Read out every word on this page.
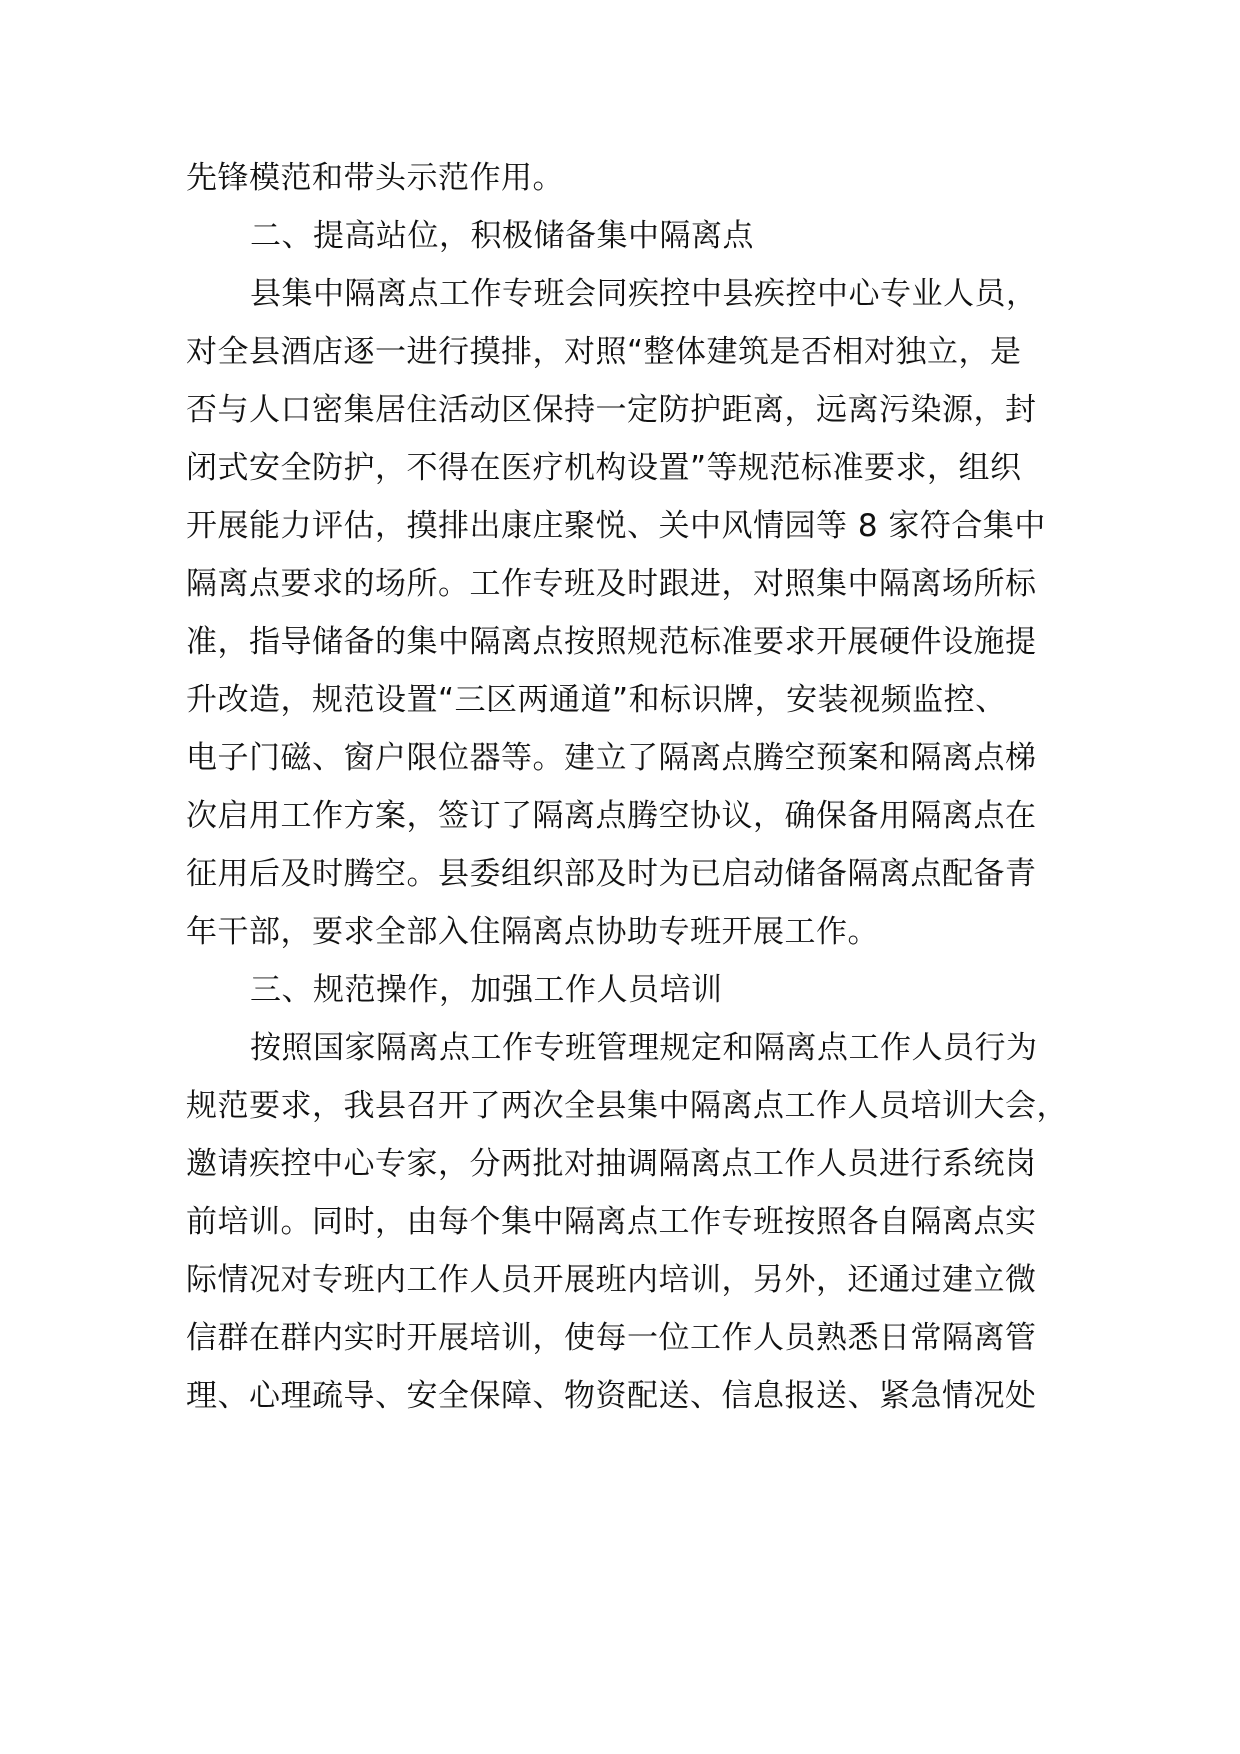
先锋模范和带头示范作用。
二、提高站位，积极储备集中隔离点
县集中隔离点工作专班会同疾控中县疾控中心专业人员，
对全县酒店逐一进行摸排，对照“整体建筑是否相对独立，是
否与人口密集居住活动区保持一定防护距离，远离污染源，封
闭式安全防护，不得在医疗机构设置”等规范标准要求，组织
开展能力评估，摸排出康庄聚悦、关中风情园等 8 家符合集中
隔离点要求的场所。工作专班及时跟进，对照集中隔离场所标
准，指导储备的集中隔离点按照规范标准要求开展硬件设施提
升改造，规范设置“三区两通道”和标识牌，安装视频监控、
电子门磁、窗户限位器等。建立了隔离点腾空预案和隔离点梯
次启用工作方案，签订了隔离点腾空协议，确保备用隔离点在
征用后及时腾空。县委组织部及时为已启动储备隔离点配备青
年干部，要求全部入住隔离点协助专班开展工作。
三、规范操作，加强工作人员培训
按照国家隔离点工作专班管理规定和隔离点工作人员行为
规范要求，我县召开了两次全县集中隔离点工作人员培训大会，
邀请疾控中心专家，分两批对抽调隔离点工作人员进行系统岗
前培训。同时，由每个集中隔离点工作专班按照各自隔离点实
际情况对专班内工作人员开展班内培训，另外，还通过建立微
信群在群内实时开展培训，使每一位工作人员熟悉日常隔离管
理、心理疏导、安全保障、物资配送、信息报送、紧急情况处
